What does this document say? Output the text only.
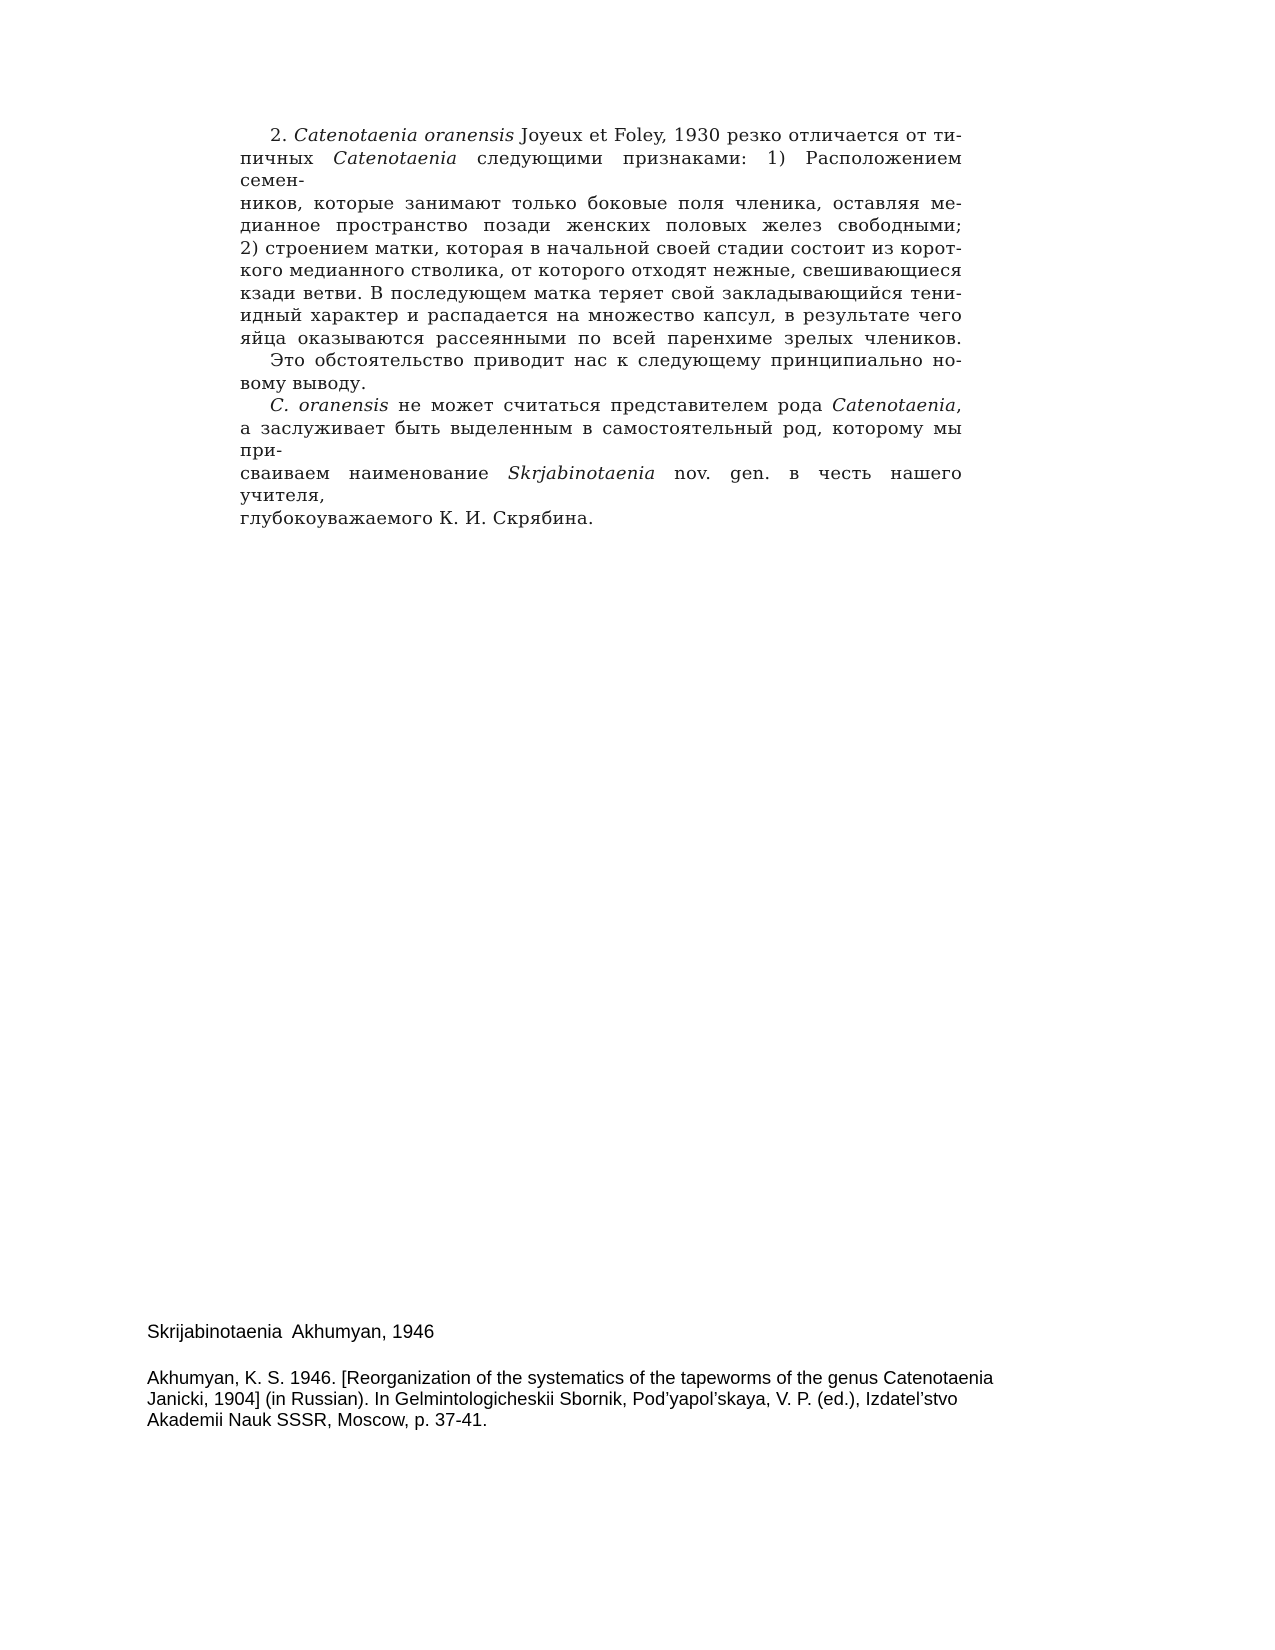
2. Catenotaenia oranensis Joyeux et Foley, 1930 резко отличается от ти-
пичных Catenotaenia следующими признаками: 1) Расположением семен-
ников, которые занимают только боковые поля членика, оставляя ме-
дианное пространство позади женских половых желез свободными;
2) строением матки, которая в начальной своей стадии состоит из корот-
кого медианного стволика, от которого отходят нежные, свешивающиеся
кзади ветви. В последующем матка теряет свой закладывающийся тени-
идный характер и распадается на множество капсул, в результате чего
яйца оказываются рассеянными по всей паренхиме зрелых члеников.
Это обстоятельство приводит нас к следующему принципиально но-
вому выводу.
C. oranensis не может считаться представителем рода Catenotaenia,
а заслуживает быть выделенным в самостоятельный род, которому мы при-
сваиваем наименование Skrjabinotaenia nov. gen. в честь нашего учителя,
глубокоуважаемого К. И. Скрябина.
Skrijabinotaenia  Akhumyan, 1946
Akhumyan, K. S. 1946. [Reorganization of the systematics of the tapeworms of the genus Catenotaenia
Janicki, 1904] (in Russian). In Gelmintologicheskii Sbornik, Pod’yapol’skaya, V. P. (ed.), Izdatel’stvo
Akademii Nauk SSSR, Moscow, p. 37-41.
